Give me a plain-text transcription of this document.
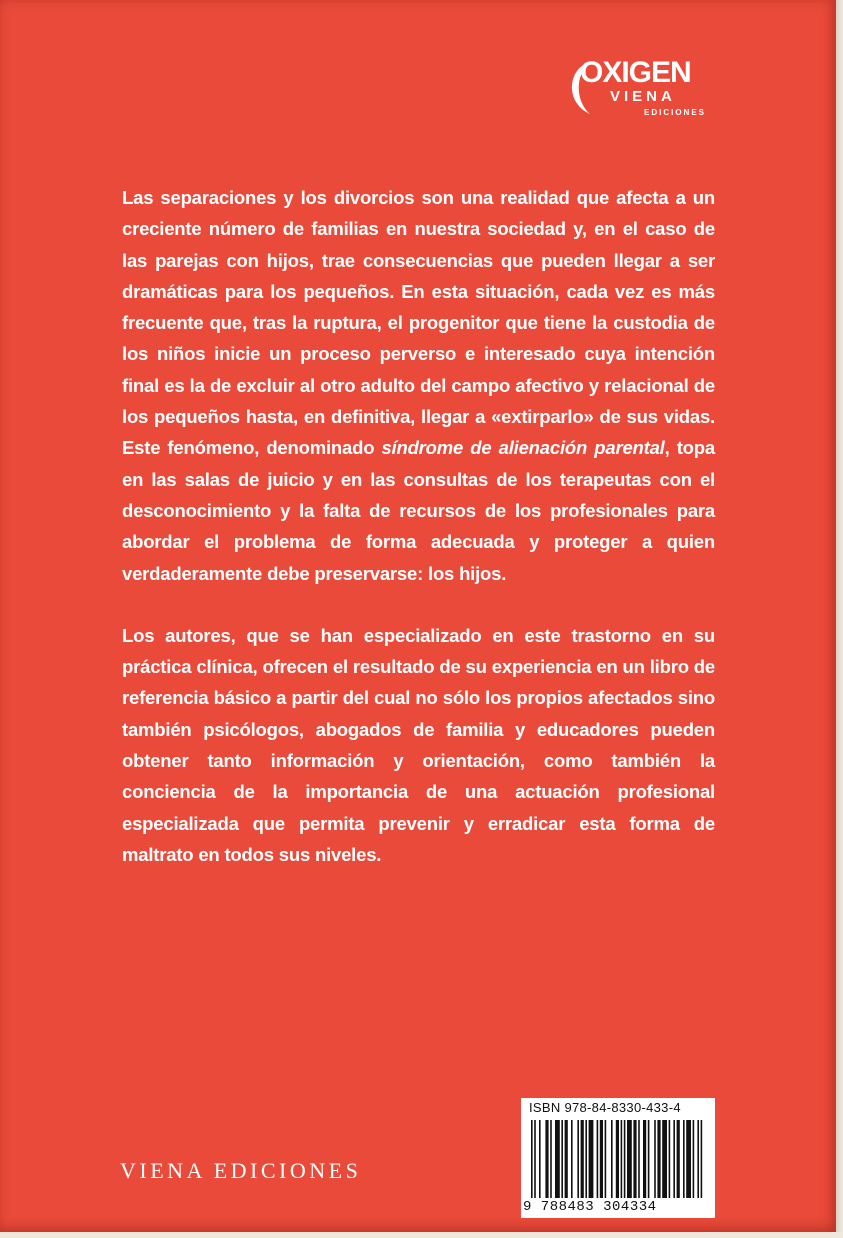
OXIGEN
VIENA
EDICIONES

Las separaciones y los divorcios son una realidad que afecta a un creciente número de familias en nuestra sociedad y, en el caso de las parejas con hijos, trae consecuencias que pueden llegar a ser dramáticas para los pequeños. En esta situación, cada vez es más frecuente que, tras la ruptura, el progenitor que tiene la custodia de los niños inicie un proceso perverso e interesado cuya intención final es la de excluir al otro adulto del campo afectivo y relacional de los pequeños hasta, en definitiva, llegar a «extirparlo» de sus vidas. Este fenómeno, denominado síndrome de alienación parental, topa en las salas de juicio y en las consultas de los terapeutas con el desconocimiento y la falta de recursos de los profesionales para abordar el problema de forma adecuada y proteger a quien verdaderamente debe preservarse: los hijos.

Los autores, que se han especializado en este trastorno en su práctica clínica, ofrecen el resultado de su experiencia en un libro de referencia básico a partir del cual no sólo los propios afectados sino también psicólogos, abogados de familia y educadores pueden obtener tanto información y orientación, como también la conciencia de la importancia de una actuación profesional especializada que permita prevenir y erradicar esta forma de maltrato en todos sus niveles.

VIENA EDICIONES
ISBN 978-84-8330-433-4
9 788483 304334
